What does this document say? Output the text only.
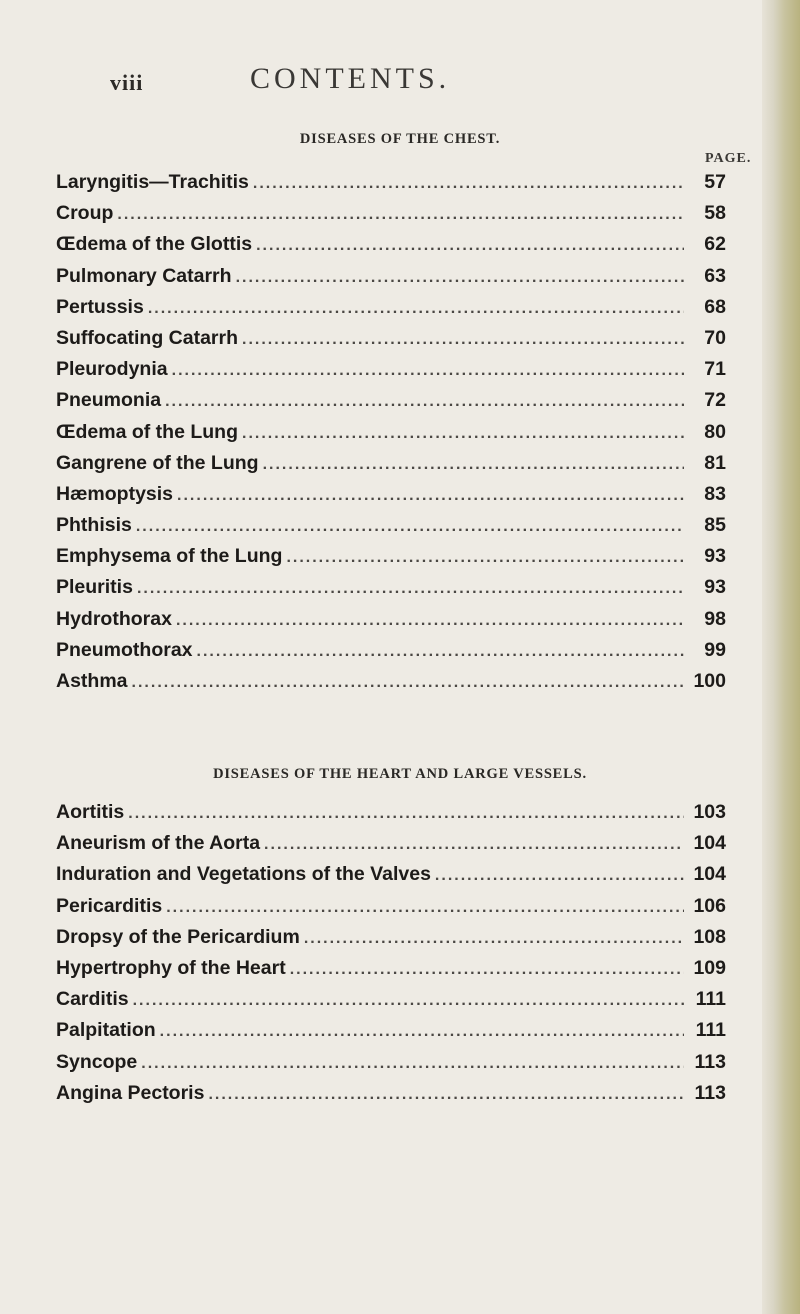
viii	CONTENTS.
DISEASES OF THE CHEST.
PAGE.
Laryngitis—Trachitis .....	57
Croup .....	58
Œdema of the Glottis .....	62
Pulmonary Catarrh .....	63
Pertussis .....	68
Suffocating Catarrh .....	70
Pleurodynia .....	71
Pneumonia .....	72
Œdema of the Lung .....	80
Gangrene of the Lung .....	81
Hæmoptysis .....	83
Phthisis .....	85
Emphysema of the Lung .....	93
Pleuritis .....	93
Hydrothorax .....	98
Pneumothorax .....	99
Asthma .....	100
DISEASES OF THE HEART AND LARGE VESSELS.
Aortitis .....	103
Aneurism of the Aorta .....	104
Induration and Vegetations of the Valves .....	104
Pericarditis .....	106
Dropsy of the Pericardium .....	108
Hypertrophy of the Heart .....	109
Carditis .....	111
Palpitation .....	111
Syncope .....	113
Angina Pectoris .....	113
